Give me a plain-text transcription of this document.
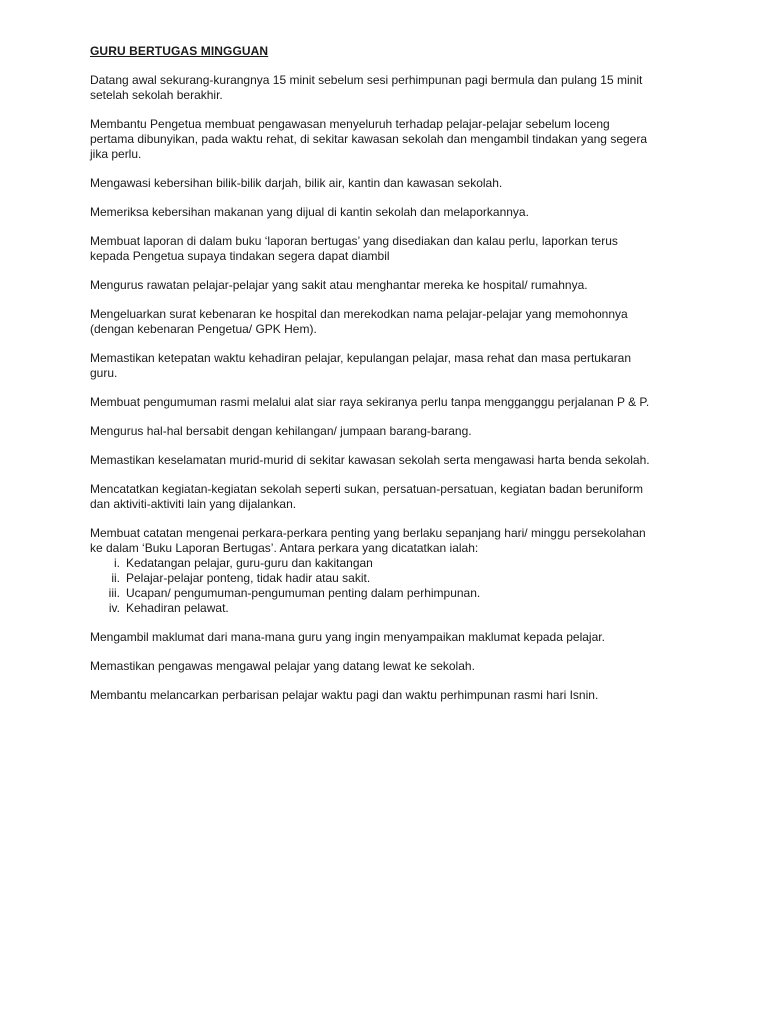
GURU BERTUGAS MINGGUAN

Datang awal sekurang-kurangnya 15 minit sebelum sesi perhimpunan pagi bermula dan pulang 15 minit
setelah sekolah berakhir.

Membantu Pengetua membuat pengawasan menyeluruh terhadap pelajar-pelajar sebelum loceng
pertama dibunyikan, pada waktu rehat, di sekitar kawasan sekolah dan mengambil tindakan yang segera
jika perlu.

Mengawasi kebersihan bilik-bilik darjah, bilik air, kantin dan kawasan sekolah.

Memeriksa kebersihan makanan yang dijual di kantin sekolah dan melaporkannya.

Membuat laporan di dalam buku ‘laporan bertugas’ yang disediakan dan kalau perlu, laporkan terus
kepada Pengetua supaya tindakan segera dapat diambil

Mengurus rawatan pelajar-pelajar yang sakit atau menghantar mereka ke hospital/ rumahnya.

Mengeluarkan surat kebenaran ke hospital dan merekodkan nama pelajar-pelajar yang memohonnya
(dengan kebenaran Pengetua/ GPK Hem).

Memastikan ketepatan waktu kehadiran pelajar, kepulangan pelajar, masa rehat dan masa pertukaran
guru.

Membuat pengumuman rasmi melalui alat siar raya sekiranya perlu tanpa mengganggu perjalanan P & P.

Mengurus hal-hal bersabit dengan kehilangan/ jumpaan barang-barang.

Memastikan keselamatan murid-murid di sekitar kawasan sekolah serta mengawasi harta benda sekolah.

Mencatatkan kegiatan-kegiatan sekolah seperti sukan, persatuan-persatuan, kegiatan badan beruniform
dan aktiviti-aktiviti lain yang dijalankan.

Membuat catatan mengenai perkara-perkara penting yang berlaku sepanjang hari/ minggu persekolahan
ke dalam ‘Buku Laporan Bertugas’. Antara perkara yang dicatatkan ialah:

i. Kedatangan pelajar, guru-guru dan kakitangan
ii. Pelajar-pelajar ponteng, tidak hadir atau sakit.
iii. Ucapan/ pengumuman-pengumuman penting dalam perhimpunan.
iv. Kehadiran pelawat.

Mengambil maklumat dari mana-mana guru yang ingin menyampaikan maklumat kepada pelajar.

Memastikan pengawas mengawal pelajar yang datang lewat ke sekolah.

Membantu melancarkan perbarisan pelajar waktu pagi dan waktu perhimpunan rasmi hari Isnin.
